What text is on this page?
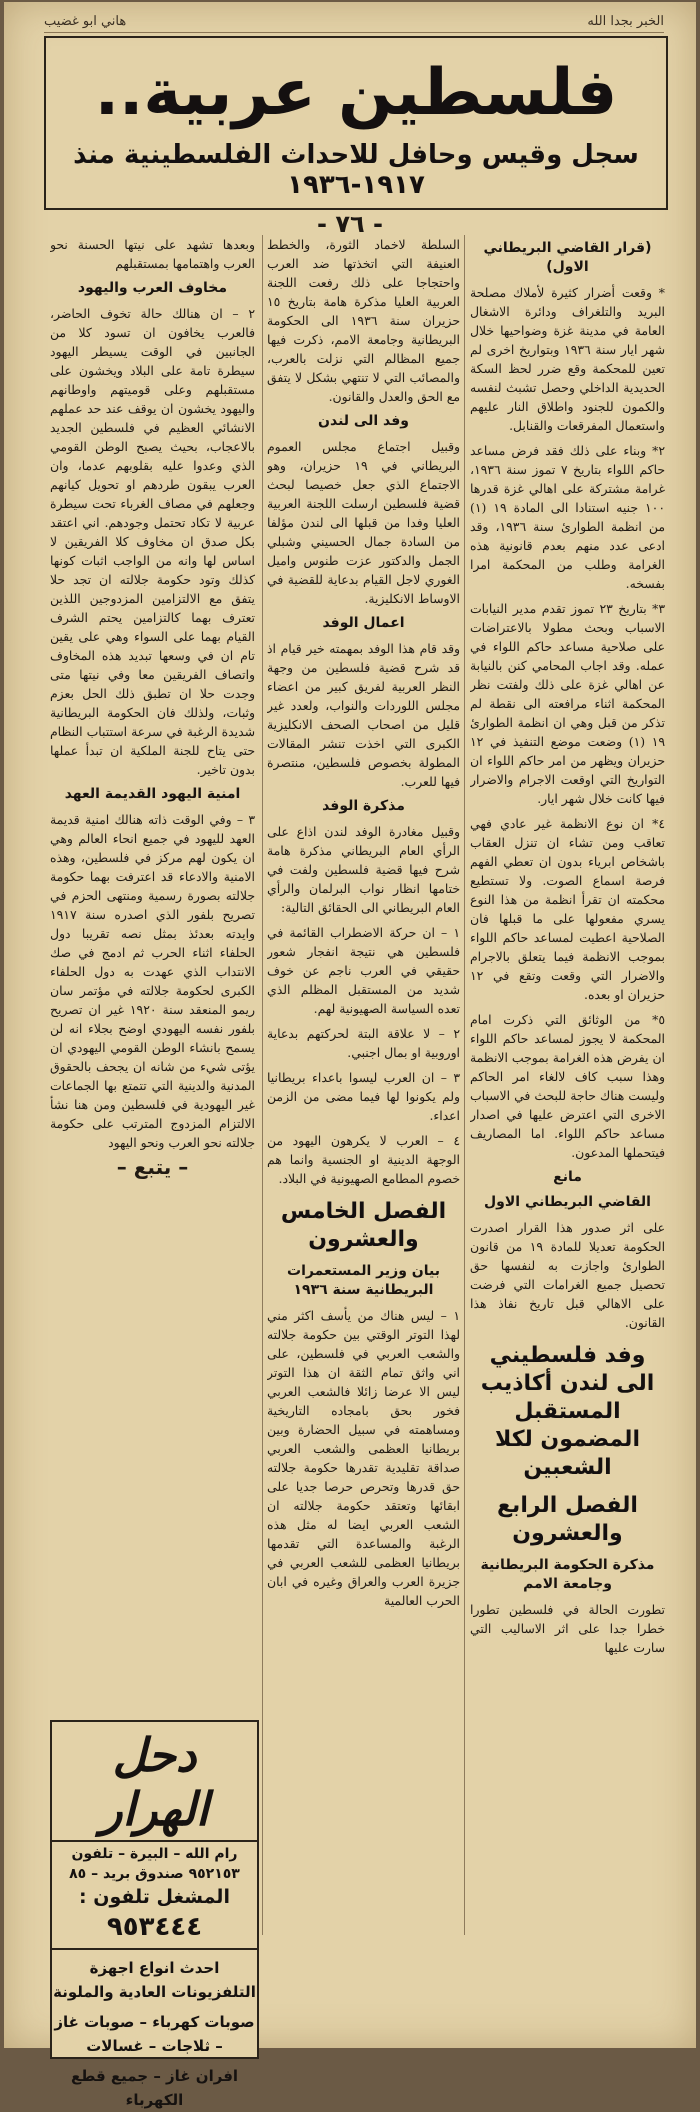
الخبر بجدا الله
هاني ابو غضيب
فلسطين عربية..
سجل وقيس وحافل للاحداث الفلسطينية منذ ١٩١٧-١٩٣٦
- ٧٦ -
(قرار القاضي البريطاني الاول)

* وقعت أضرار كثيرة لأملاك مصلحة البريد والتلغراف ودائرة الاشغال العامة في مدينة غزة وضواحيها خلال شهر ايار سنة ١٩٣٦ وبتواريخ اخرى لم تعين للمحكمة وقع ضرر لحظ السكة الحديدية الداخلي وحصل تشبث لنفسه والكمون للجنود واطلاق النار عليهم واستعمال المفرقعات والقنابل.

٢* وبناء على ذلك فقد فرض مساعد حاكم اللواء بتاريخ ٧ تموز سنة ١٩٣٦، غرامة مشتركة على اهالي غزة قدرها ١٠٠ جنيه استنادا الى المادة ١٩ (١) من انظمة الطوارئ سنة ١٩٣٦، وقد ادعى عدد منهم بعدم قانونية هذه الغرامة وطلب من المحكمة امرا بفسخه.

٣* بتاريخ ٢٣ تموز تقدم مدير النيابات الاسباب وبحث مطولا بالاعتراضات على صلاحية مساعد حاكم اللواء في عمله. وقد اجاب المحامي كنن بالنيابة عن اهالي غزة على ذلك ولفتت نظر المحكمة اثناء مرافعته الى نقطة لم تذكر من قبل وهي ان انظمة الطوارئ ١٩ (١) وضعت موضع التنفيذ في ١٢ حزيران ويظهر من امر حاكم اللواء ان التواريخ التي اوقعت الاجرام والاضرار فيها كانت خلال شهر ايار.

٤* ان نوع الانظمة غير عادي فهي تعاقب ومن تشاء ان تنزل العقاب باشخاص ابرياء بدون ان تعطي الفهم فرصة اسماع الصوت. ولا تستطيع محكمته ان تقرأ انظمة من هذا النوع يسري مفعولها على ما قبلها فان الصلاحية اعطيت لمساعد حاكم اللواء بموجب الانظمة فيما يتعلق بالاجرام والاضرار التي وقعت وتقع في ١٢ حزيران او بعده.

٥* من الوثائق التي ذكرت امام المحكمة لا يجوز لمساعد حاكم اللواء ان يفرض هذه الغرامة بموجب الانظمة وهذا سبب كاف لالغاء امر الحاكم وليست هناك حاجة للبحث في الاسباب الاخرى التي اعترض عليها في اصدار مساعد حاكم اللواء. اما المصاريف فيتحملها المدعون.

مانع
القاضي البريطاني الاول

على اثر صدور هذا القرار اصدرت الحكومة تعديلا للمادة ١٩ من قانون الطوارئ واجازت به لنفسها حق تحصيل جميع الغرامات التي فرضت على الاهالي قبل تاريخ نفاذ هذا القانون.

وفد فلسطيني الى لندن أكاذيب المستقبل المضمون لكلا الشعبين
الفصل الرابع والعشرون
مذكرة الحكومة البريطانية وجامعة الامم

تطورت الحالة في فلسطين تطورا خطرا جدا على اثر الاساليب التي سارت عليها

السلطة لاخماد الثورة، والخطط العنيفة التي اتخذتها ضد العرب واحتجاجا على ذلك رفعت اللجنة العربية العليا مذكرة هامة بتاريخ ١٥ حزيران سنة ١٩٣٦ الى الحكومة البريطانية وجامعة الامم، ذكرت فيها جميع المظالم التي نزلت بالعرب، والمصائب التي لا تنتهي بشكل لا يتفق مع الحق والعدل والقانون.

وفد الى لندن

وقبيل اجتماع مجلس العموم البريطاني في ١٩ حزيران، وهو الاجتماع الذي جعل خصيصا لبحث قضية فلسطين ارسلت اللجنة العربية العليا وفدا من قبلها الى لندن مؤلفا من السادة جمال الحسيني وشبلي الجمل والدكتور عزت طنوس واميل الغوري لاجل القيام بدعاية للقضية في الاوساط الانكليزية.

اعمال الوفد

وقد قام هذا الوفد بمهمته خير قيام اذ قد شرح قضية فلسطين من وجهة النظر العربية لفريق كبير من اعضاء مجلس اللوردات والنواب، ولعدد غير قليل من اصحاب الصحف الانكليزية الكبرى التي اخذت تنشر المقالات المطولة بخصوص فلسطين، منتصرة فيها للعرب.

مذكرة الوفد

وقبيل مغادرة الوفد لندن اذاع على الرأي العام البريطاني مذكرة هامة شرح فيها قضية فلسطين ولفت في ختامها انظار نواب البرلمان والرأي العام البريطاني الى الحقائق التالية:

١ – ان حركة الاضطراب القائمة في فلسطين هي نتيجة انفجار شعور حقيقي في العرب ناجم عن خوف شديد من المستقبل المظلم الذي تعده السياسة الصهيونية لهم.

٢ – لا علاقة البتة لحركتهم بدعاية اوروبية او بمال اجنبي.

٣ – ان العرب ليسوا باعداء بريطانيا ولم يكونوا لها فيما مضى من الزمن اعداء.

٤ – العرب لا يكرهون اليهود من الوجهة الدينية او الجنسية وانما هم خصوم المطامع الصهيونية في البلاد.

الفصل الخامس والعشرون
بيان وزير المستعمرات البريطانية سنة ١٩٣٦

١ – ليس هناك من يأسف اكثر مني لهذا التوتر الوقتي بين حكومة جلالته والشعب العربي في فلسطين، على اني واثق تمام الثقة ان هذا التوتر ليس الا عرضا زائلا فالشعب العربي فخور بحق بامجاده التاريخية ومساهمته في سبيل الحضارة وبين بريطانيا العظمى والشعب العربي صداقة تقليدية تقدرها حكومة جلالته حق قدرها وتحرص حرصا جديا على ابقائها وتعتقد حكومة جلالته ان الشعب العربي ايضا له مثل هذه الرغبة والمساعدة التي تقدمها بريطانيا العظمى للشعب العربي في جزيرة العرب والعراق وغيره في ابان الحرب العالمية

وبعدها تشهد على نيتها الحسنة نحو العرب واهتمامها بمستقبلهم

مخاوف العرب واليهود

٢ – ان هنالك حالة تخوف الحاضر، فالعرب يخافون ان تسود كلا من الجانبين في الوقت يسيطر اليهود سيطرة تامة على البلاد ويخشون على مستقبلهم وعلى قوميتهم واوطانهم واليهود يخشون ان يوقف عند حد عملهم الانشائي العظيم في فلسطين الجديد بالاعجاب، بحيث يصبح الوطن القومي الذي وعدوا عليه بقلوبهم عدما، وان العرب يبقون طردهم او تحويل كيانهم وجعلهم في مصاف الغرباء تحت سيطرة عربية لا تكاد تحتمل وجودهم. اني اعتقد بكل صدق ان مخاوف كلا الفريقين لا اساس لها وانه من الواجب اثبات كونها كذلك وتود حكومة جلالته ان تجد حلا يتفق مع الالتزامين المزدوجين اللذين تعترف بهما كالتزامين يحتم الشرف القيام بهما على السواء وهي على يقين تام ان في وسعها تبديد هذه المخاوف واتصاف الفريقين معا وفي نيتها متى وجدت حلا ان تطبق ذلك الحل بعزم وثبات، ولذلك فان الحكومة البريطانية شديدة الرغبة في سرعة استتباب النظام حتى يتاح للجنة الملكية ان تبدأ عملها بدون تاخير.

امنية اليهود القديمة العهد

٣ – وفي الوقت ذاته هنالك امنية قديمة العهد لليهود في جميع انحاء العالم وهي ان يكون لهم مركز في فلسطين، وهذه الامنية والادعاء قد اعترفت بهما حكومة جلالته بصورة رسمية ومنتهى الحزم في تصريح بلفور الذي اصدره سنة ١٩١٧ وايدته بعدئذ بمثل نصه تقريبا دول الحلفاء اثناء الحرب ثم ادمج في صك الانتداب الذي عهدت به دول الحلفاء الكبرى لحكومة جلالته في مؤتمر سان ريمو المنعقد سنة ١٩٢٠ غير ان تصريح بلفور نفسه اليهودي اوضح بجلاء انه لن يسمح بانشاء الوطن القومي اليهودي ان يؤتى شيء من شانه ان يجحف بالحقوق المدنية والدينية التي تتمتع بها الجماعات غير اليهودية في فلسطين ومن هنا نشأ الالتزام المزدوج المترتب على حكومة جلالته نحو العرب ونحو اليهود

– يتبع –
دحل الهرار
رام الله – البيرة – تلفون
٩٥٢١٥٣ صندوق بريد – ٨٥
المشغل تلفون :
٩٥٣٤٤٤
احدث انواع اجهزة التلفزيونات العادية والملونة
صوبات كهرباء – صوبات غاز – ثلاجات – غسالات
افران غاز – جميع قطع الكهرباء
